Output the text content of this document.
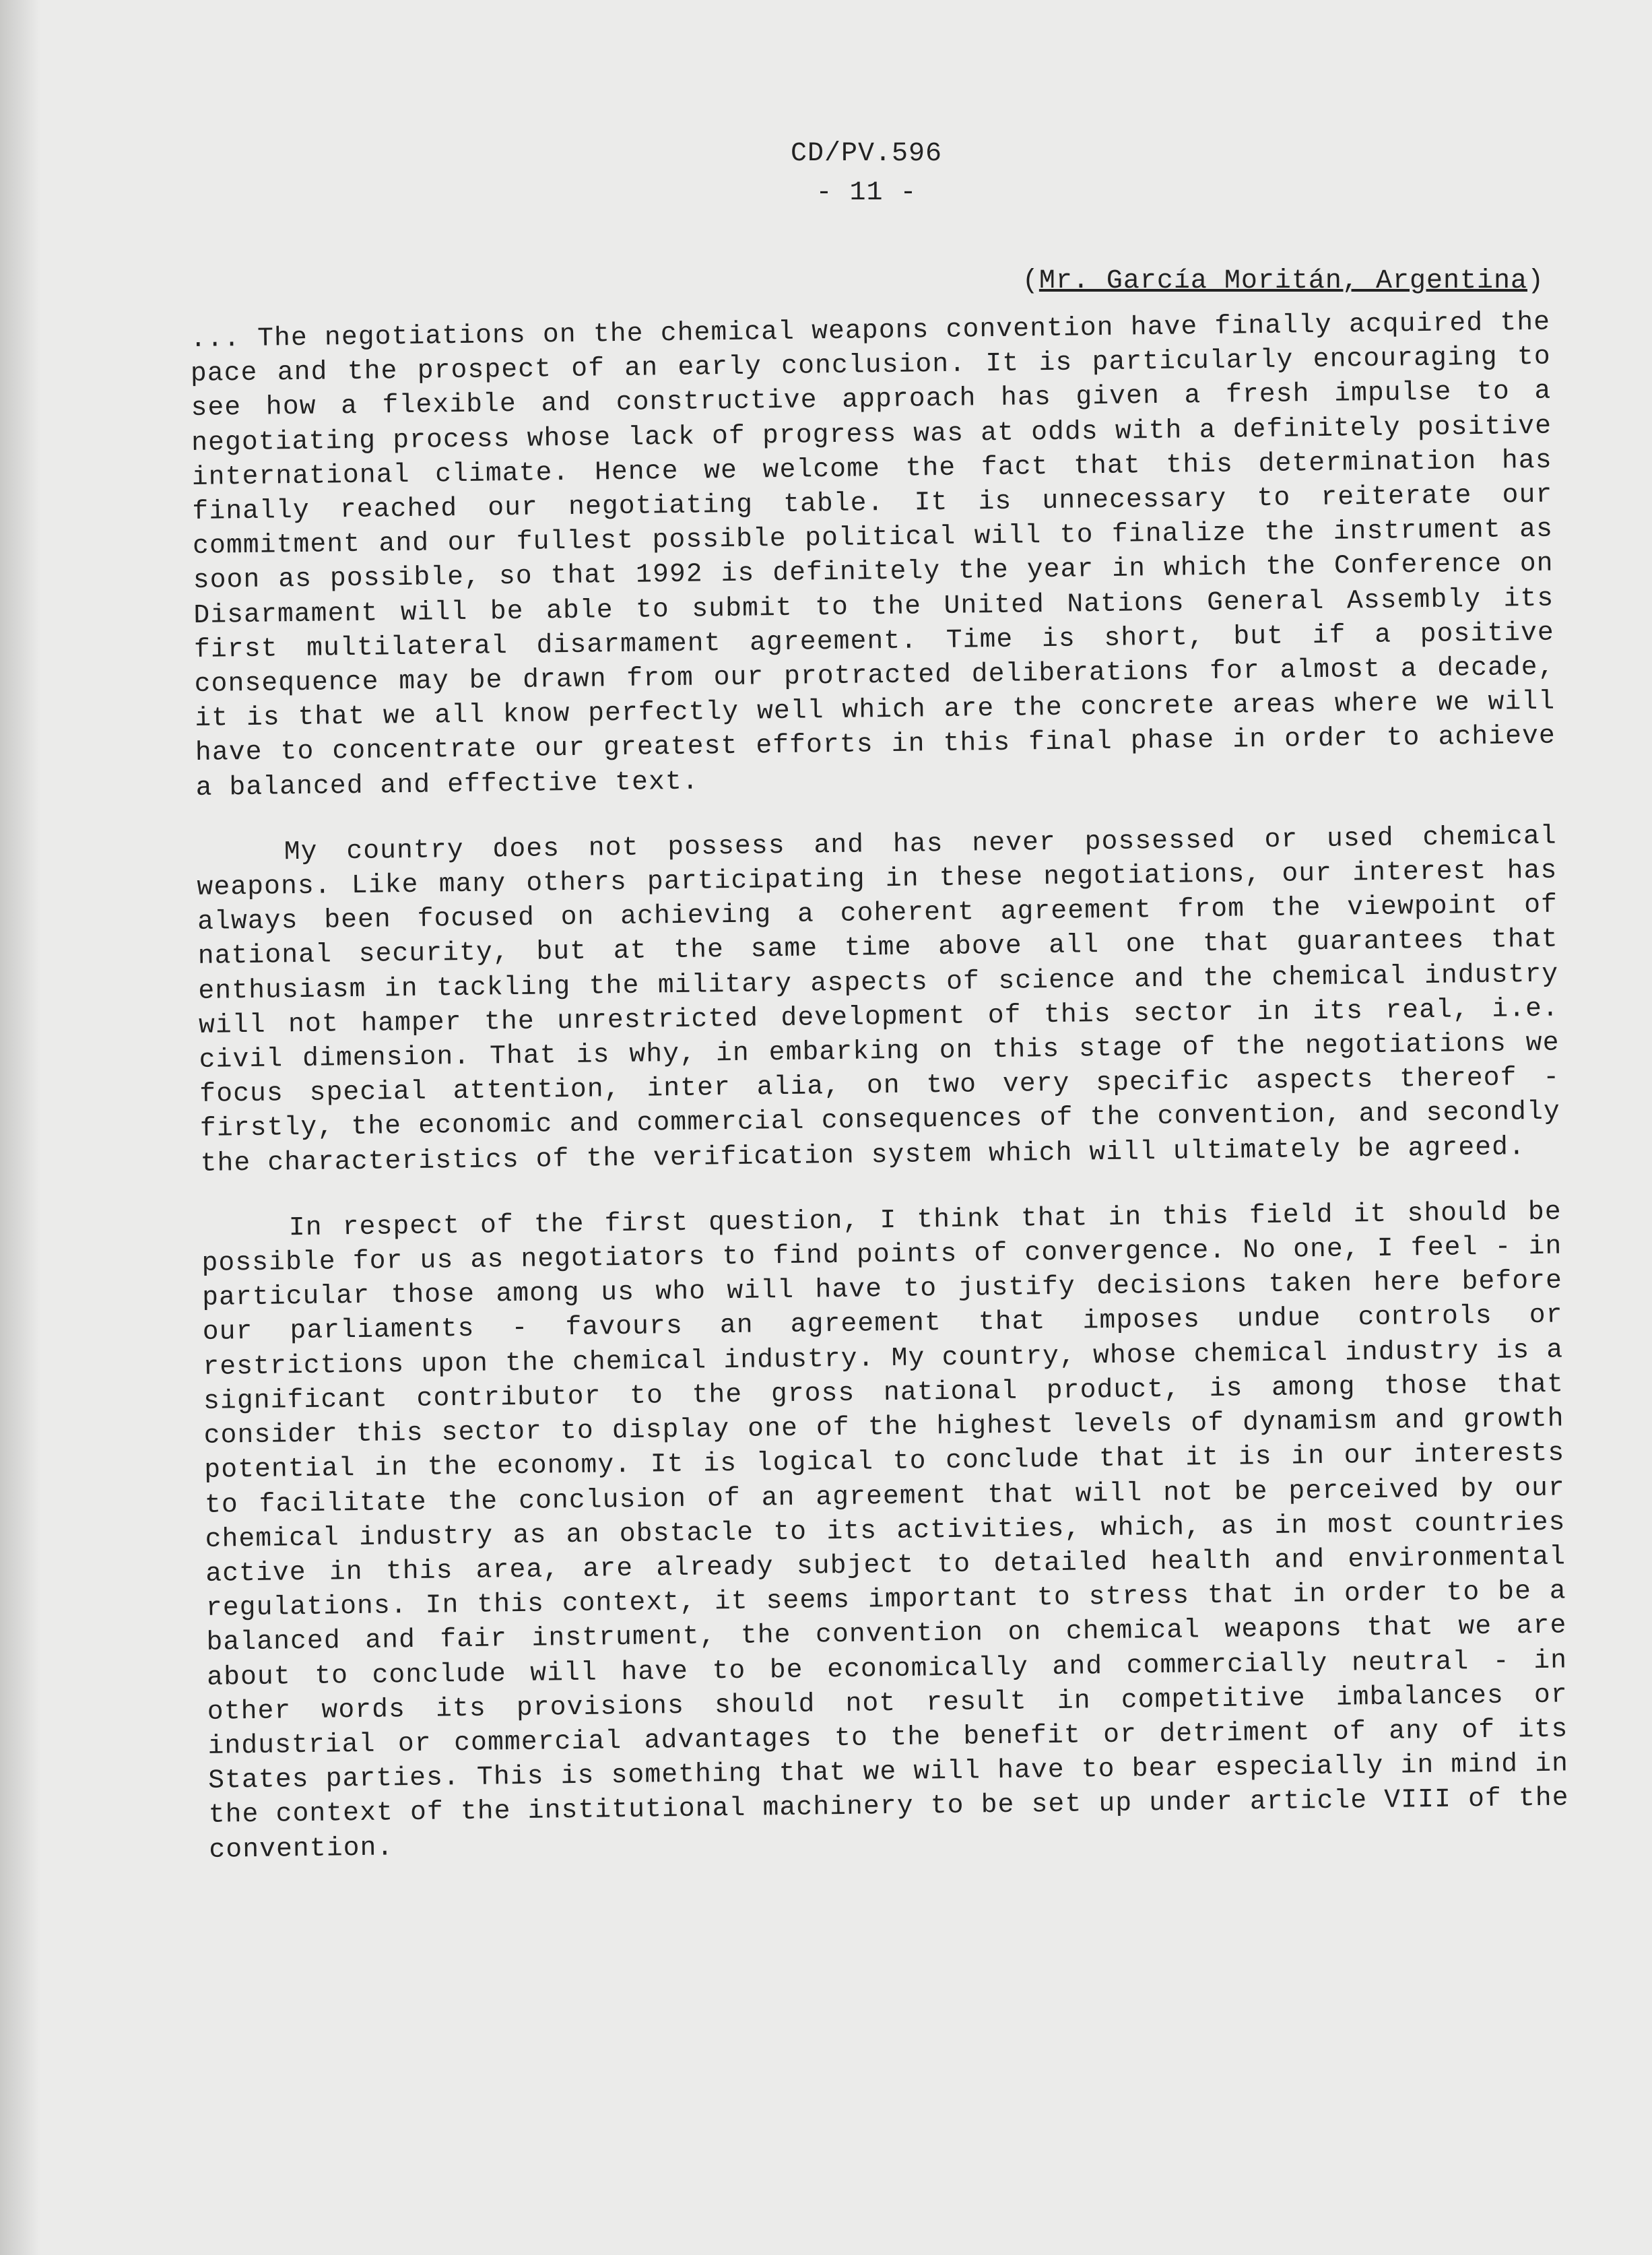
CD/PV.596
- 11 -
(Mr. García Moritán, Argentina)

... The negotiations on the chemical weapons convention have finally acquired the pace and the prospect of an early conclusion. It is particularly encouraging to see how a flexible and constructive approach has given a fresh impulse to a negotiating process whose lack of progress was at odds with a definitely positive international climate. Hence we welcome the fact that this determination has finally reached our negotiating table. It is unnecessary to reiterate our commitment and our fullest possible political will to finalize the instrument as soon as possible, so that 1992 is definitely the year in which the Conference on Disarmament will be able to submit to the United Nations General Assembly its first multilateral disarmament agreement. Time is short, but if a positive consequence may be drawn from our protracted deliberations for almost a decade, it is that we all know perfectly well which are the concrete areas where we will have to concentrate our greatest efforts in this final phase in order to achieve a balanced and effective text.

My country does not possess and has never possessed or used chemical weapons. Like many others participating in these negotiations, our interest has always been focused on achieving a coherent agreement from the viewpoint of national security, but at the same time above all one that guarantees that enthusiasm in tackling the military aspects of science and the chemical industry will not hamper the unrestricted development of this sector in its real, i.e. civil dimension. That is why, in embarking on this stage of the negotiations we focus special attention, inter alia, on two very specific aspects thereof - firstly, the economic and commercial consequences of the convention, and secondly the characteristics of the verification system which will ultimately be agreed.

In respect of the first question, I think that in this field it should be possible for us as negotiators to find points of convergence. No one, I feel - in particular those among us who will have to justify decisions taken here before our parliaments - favours an agreement that imposes undue controls or restrictions upon the chemical industry. My country, whose chemical industry is a significant contributor to the gross national product, is among those that consider this sector to display one of the highest levels of dynamism and growth potential in the economy. It is logical to conclude that it is in our interests to facilitate the conclusion of an agreement that will not be perceived by our chemical industry as an obstacle to its activities, which, as in most countries active in this area, are already subject to detailed health and environmental regulations. In this context, it seems important to stress that in order to be a balanced and fair instrument, the convention on chemical weapons that we are about to conclude will have to be economically and commercially neutral - in other words its provisions should not result in competitive imbalances or industrial or commercial advantages to the benefit or detriment of any of its States parties. This is something that we will have to bear especially in mind in the context of the institutional machinery to be set up under article VIII of the convention.
